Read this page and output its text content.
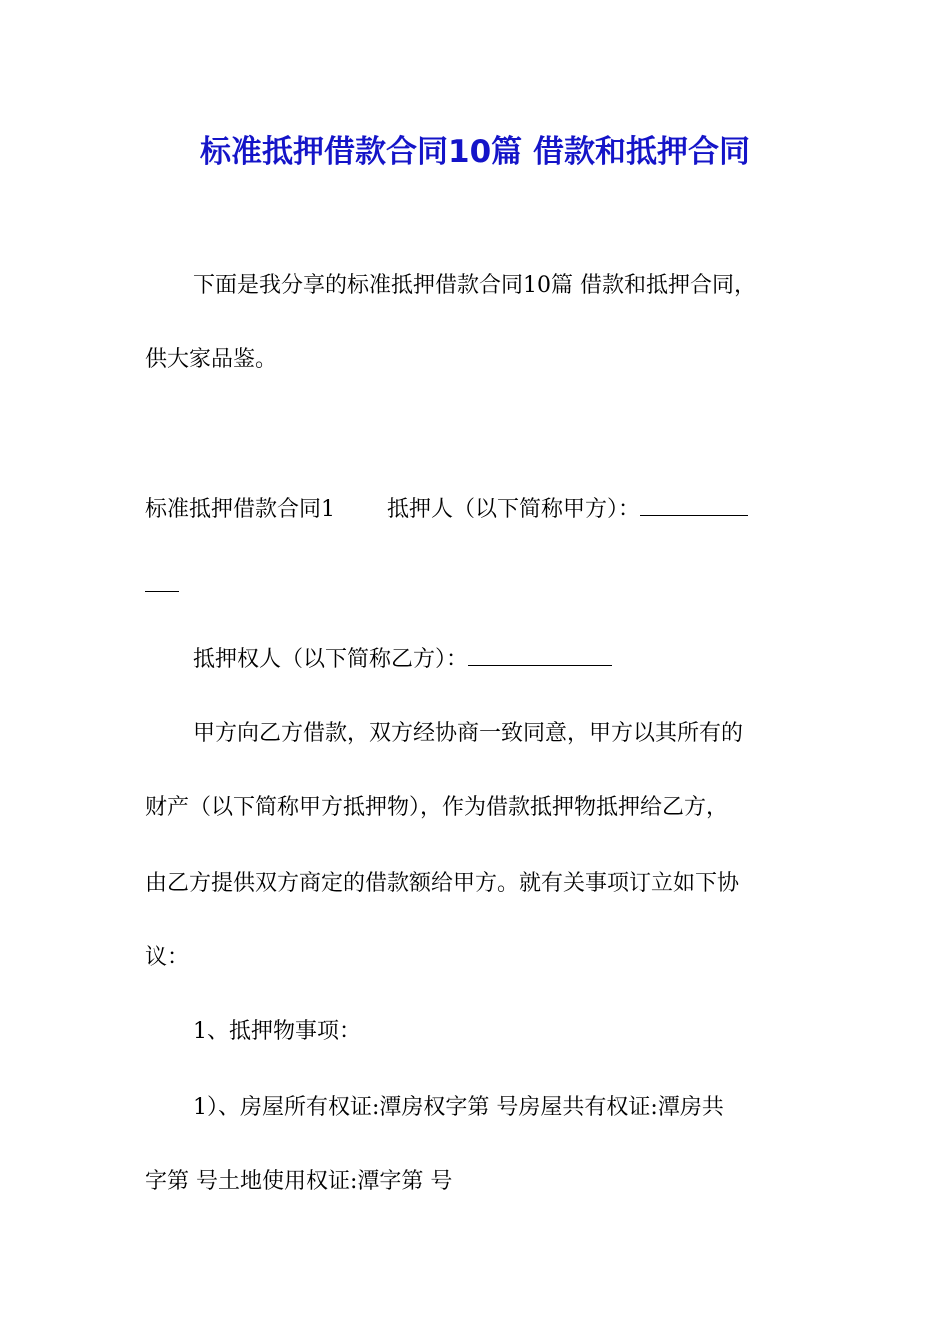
标准抵押借款合同10篇 借款和抵押合同

下面是我分享的标准抵押借款合同10篇 借款和抵押合同，

供大家品鉴。

标准抵押借款合同1 抵押人（以下简称甲方）：

抵押权人（以下简称乙方）：

甲方向乙方借款，双方经协商一致同意，甲方以其所有的

财产（以下简称甲方抵押物），作为借款抵押物抵押给乙方，

由乙方提供双方商定的借款额给甲方。就有关事项订立如下协

议：

1、抵押物事项：

1）、房屋所有权证:潭房权字第 号房屋共有权证:潭房共

字第 号土地使用权证:潭字第 号
